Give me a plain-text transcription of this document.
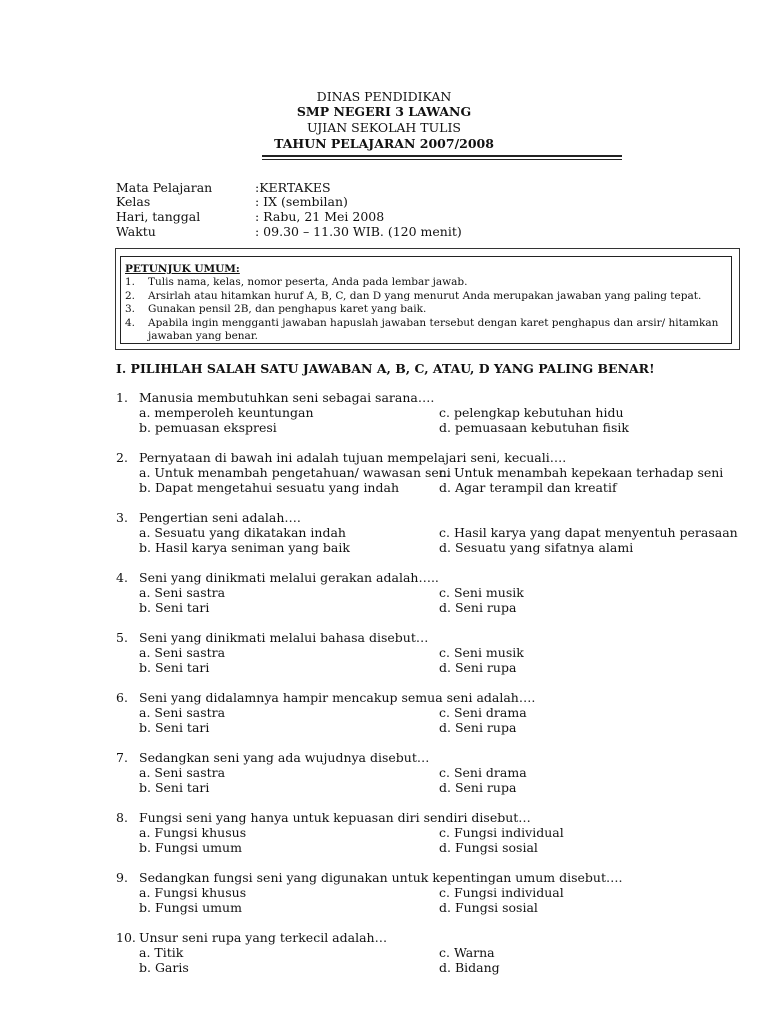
DINAS PENDIDIKAN
SMP NEGERI 3 LAWANG
UJIAN SEKOLAH TULIS
TAHUN PELAJARAN 2007/2008
Mata Pelajaran	:KERTAKES
Kelas	: IX (sembilan)
Hari, tanggal	: Rabu, 21 Mei 2008
Waktu	: 09.30 – 11.30 WIB. (120 menit)
PETUNJUK UMUM:
1. Tulis nama, kelas, nomor peserta, Anda pada lembar jawab.
2. Arsirlah atau hitamkan huruf A, B, C, dan D yang menurut Anda merupakan jawaban yang paling tepat.
3. Gunakan pensil 2B, dan penghapus karet yang baik.
4. Apabila ingin mengganti jawaban hapuslah jawaban tersebut dengan karet penghapus dan arsir/ hitamkan
jawaban yang benar.
I. PILIHLAH SALAH SATU JAWABAN A, B, C, ATAU, D YANG PALING BENAR!
1. Manusia membutuhkan seni sebagai sarana….
a. memperoleh keuntungan
b. pemuasan ekspresi
c. pelengkap kebutuhan hidu
d. pemuasaan kebutuhan fisik
2. Pernyataan di bawah ini adalah tujuan mempelajari seni, kecuali….
a. Untuk menambah pengetahuan/ wawasan seni
b. Dapat mengetahui sesuatu yang indah
c. Untuk menambah kepekaan terhadap seni
d. Agar terampil dan kreatif
3. Pengertian seni adalah….
a. Sesuatu yang dikatakan indah
b. Hasil karya seniman yang baik
c. Hasil karya yang dapat menyentuh perasaan
d. Sesuatu yang sifatnya alami
4. Seni yang dinikmati melalui gerakan adalah…..
a. Seni sastra
b. Seni tari
c. Seni musik
d. Seni rupa
5. Seni yang dinikmati melalui bahasa disebut…
a. Seni sastra
b. Seni tari
c. Seni musik
d. Seni rupa
6. Seni yang didalamnya hampir mencakup semua seni adalah….
a. Seni sastra
b. Seni tari
c. Seni drama
d. Seni rupa
7. Sedangkan seni yang ada wujudnya disebut…
a. Seni sastra
b. Seni tari
c. Seni drama
d. Seni rupa
8. Fungsi seni yang hanya untuk kepuasan diri sendiri disebut…
a. Fungsi khusus
b. Fungsi umum
c. Fungsi individual
d. Fungsi sosial
9. Sedangkan fungsi seni yang digunakan untuk kepentingan umum disebut….
a. Fungsi khusus
b. Fungsi umum
c. Fungsi individual
d. Fungsi sosial
10. Unsur seni rupa yang terkecil adalah…
a. Titik
b. Garis
c. Warna
d. Bidang
